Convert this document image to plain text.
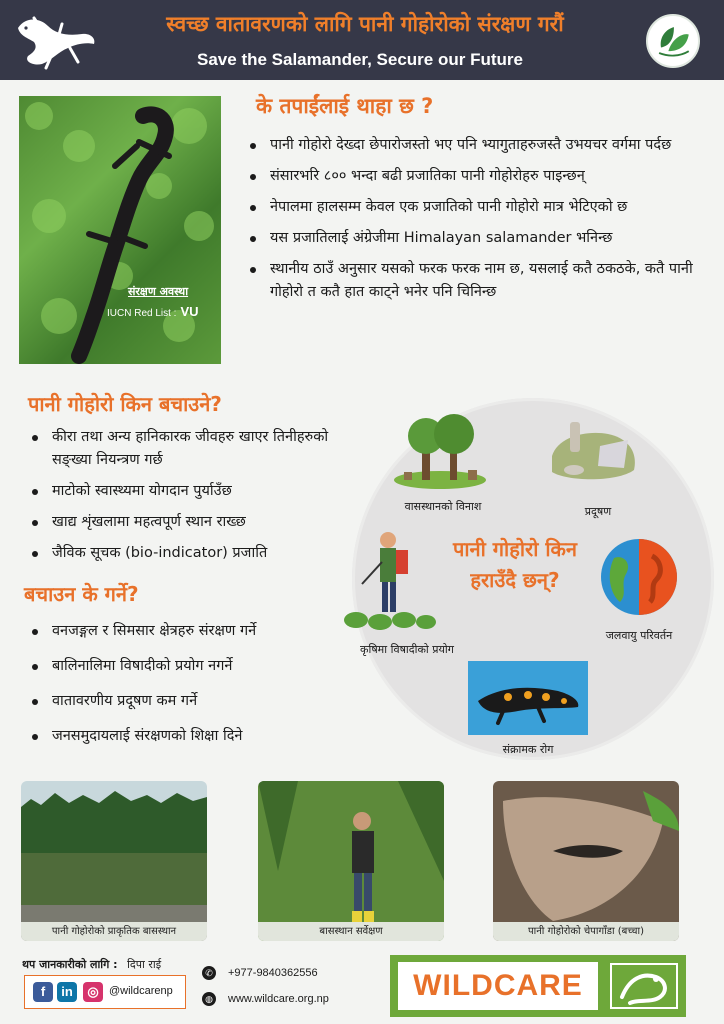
स्वच्छ वातावरणको लागि पानी गोहोरोको संरक्षण गरौं
Save the Salamander, Secure our Future
संरक्षण अवस्था
IUCN Red List : VU
के तपाईंलाई थाहा छ ?
पानी गोहोरो देख्दा छेपारोजस्तो भए पनि भ्यागुताहरुजस्तै उभयचर वर्गमा पर्दछ
संसारभरि ८०० भन्दा बढी प्रजातिका पानी गोहोरोहरु पाइन्छन्
नेपालमा हालसम्म केवल एक प्रजातिको पानी गोहोरो मात्र भेटिएको छ
यस प्रजातिलाई अंग्रेजीमा Himalayan salamander भनिन्छ
स्थानीय ठाउँ अनुसार यसको फरक फरक नाम छ, यसलाई कतै ठकठके, कतै पानी गोहोरो त कतै हात काट्ने भनेर पनि चिनिन्छ
पानी गोहोरो किन बचाउने?
कीरा तथा अन्य हानिकारक जीवहरु खाएर तिनीहरुको सङ्ख्या नियन्त्रण गर्छ
माटोको स्वास्थ्यमा योगदान पुर्याउँछ
खाद्य शृंखलामा महत्वपूर्ण स्थान राख्छ
जैविक सूचक (bio-indicator) प्रजाति
बचाउन के गर्ने?
वनजङ्गल र सिमसार क्षेत्रहरु संरक्षण गर्ने
बालिनालिमा विषादीको प्रयोग नगर्ने
वातावरणीय प्रदूषण कम गर्ने
जनसमुदायलाई संरक्षणको शिक्षा दिने
पानी गोहोरो किन हराउँदै छन्?
वासस्थानको विनाश	प्रदूषण
जलवायु परिवर्तन
संक्रामक रोग
कृषिमा विषादीको प्रयोग
पानी गोहोरोको प्राकृतिक बासस्थान	बासस्थान सर्वेक्षण	पानी गोहोरोको चेपागाँडा (बच्चा)
थप जानकारीको लागि : दिपा राई
f	in	◎ @wildcarenp
✆ +977-9840362556
◍ www.wildcare.org.np	WILDCARE
